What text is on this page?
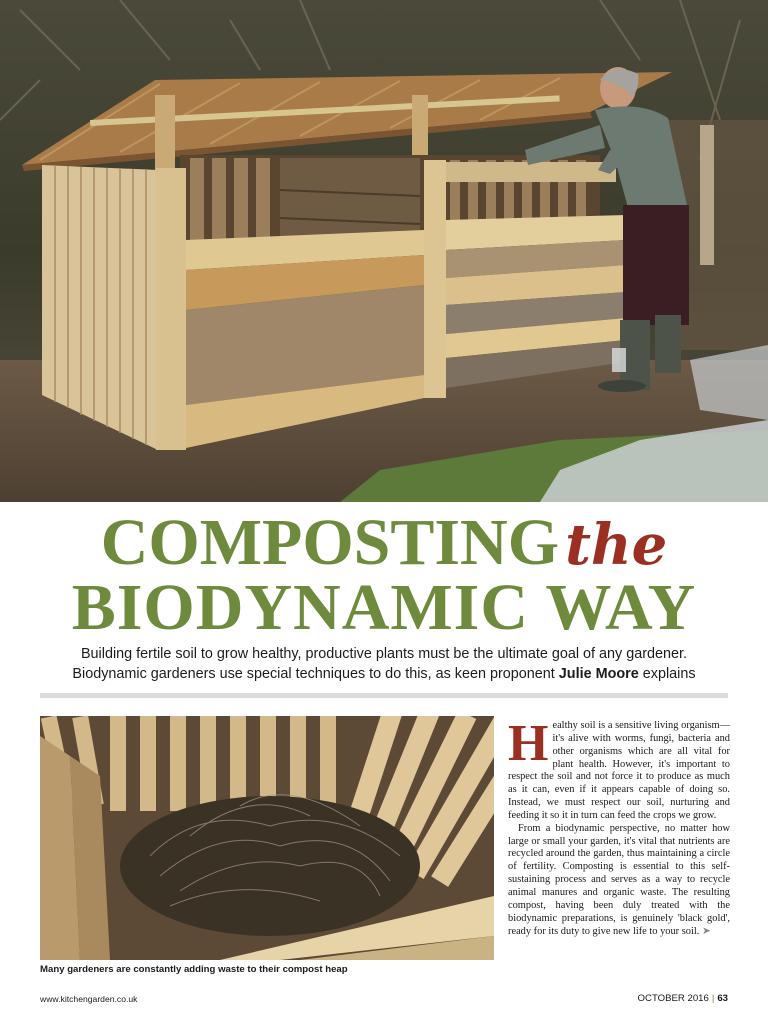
COMPOSTING the
BIODYNAMIC WAY
Building fertile soil to grow healthy, productive plants must be the ultimate goal of any gardener.
Biodynamic gardeners use special techniques to do this, as keen proponent Julie Moore explains
Many gardeners are constantly adding waste to their compost heap

Healthy soil is a sensitive living organism— it's alive with worms, fungi, bacteria and other organisms which are all vital for plant health. However, it's important to respect the soil and not force it to produce as much as it can, even if it appears capable of doing so. Instead, we must respect our soil, nurturing and feeding it so it in turn can feed the crops we grow.

From a biodynamic perspective, no matter how large or small your garden, it's vital that nutrients are recycled around the garden, thus maintaining a circle of fertility. Composting is essential to this self-sustaining process and serves as a way to recycle animal manures and organic waste. The resulting compost, having been duly treated with the biodynamic preparations, is genuinely 'black gold', ready for its duty to give new life to your soil. ➤

www.kitchengarden.co.uk	OCTOBER 2016 | 63
